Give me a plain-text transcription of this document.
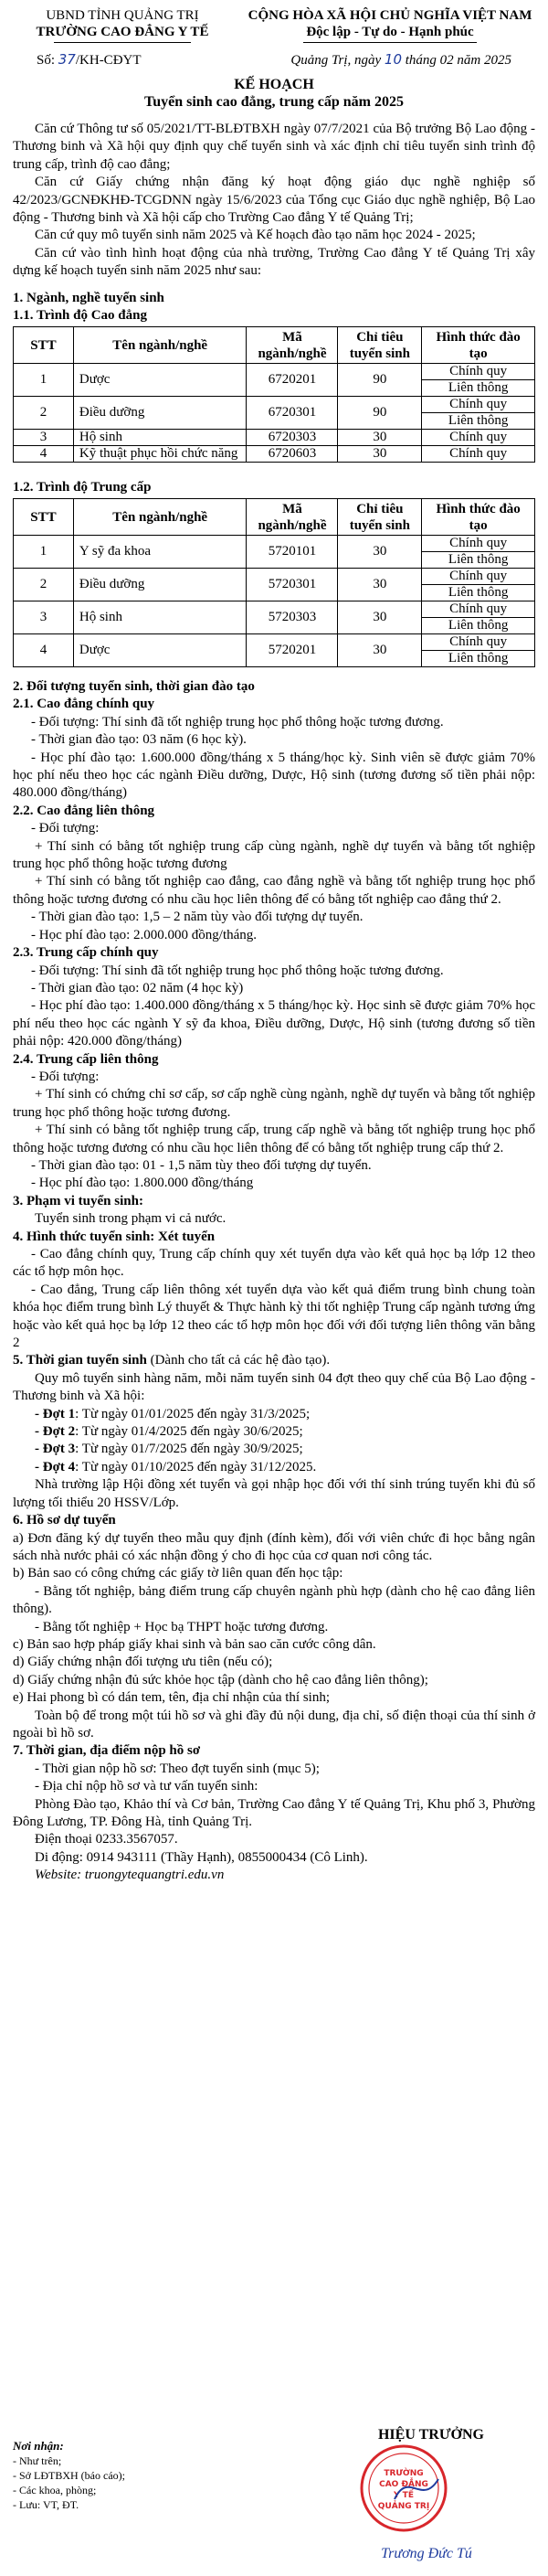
UBND TỈNH QUẢNG TRỊ
TRƯỜNG CAO ĐẲNG Y TẾ
CỘNG HÒA XÃ HỘI CHỦ NGHĨA VIỆT NAM
Độc lập - Tự do - Hạnh phúc
Số: 37/KH-CĐYT	Quảng Trị, ngày 10 tháng 02 năm 2025
KẾ HOẠCH
Tuyển sinh cao đẳng, trung cấp năm 2025

Căn cứ Thông tư số 05/2021/TT-BLĐTBXH ngày 07/7/2021 của Bộ trưởng Bộ Lao động - Thương binh và Xã hội quy định quy chế tuyển sinh và xác định chỉ tiêu tuyển sinh trình độ trung cấp, trình độ cao đẳng;

Căn cứ Giấy chứng nhận đăng ký hoạt động giáo dục nghề nghiệp số 42/2023/GCNĐKHĐ-TCGDNN ngày 15/6/2023 của Tổng cục Giáo dục nghề nghiệp, Bộ Lao động - Thương binh và Xã hội cấp cho Trường Cao đẳng Y tế Quảng Trị;

Căn cứ quy mô tuyển sinh năm 2025 và Kế hoạch đào tạo năm học 2024 - 2025;

Căn cứ vào tình hình hoạt động của nhà trường, Trường Cao đẳng Y tế Quảng Trị xây dựng kế hoạch tuyển sinh năm 2025 như sau:

1. Ngành, nghề tuyển sinh
1.1. Trình độ Cao đẳng
STT	Tên ngành/nghề	Mã ngành/nghề	Chỉ tiêu tuyển sinh	Hình thức đào tạo
1	Dược	6720201	90	Chính quy
				Liên thông
2	Điều dưỡng	6720301	90	Chính quy
				Liên thông
3	Hộ sinh	6720303	30	Chính quy
4	Kỹ thuật phục hồi chức năng	6720603	30	Chính quy
1.2. Trình độ Trung cấp
STT	Tên ngành/nghề	Mã ngành/nghề	Chỉ tiêu tuyển sinh	Hình thức đào tạo
1	Y sỹ đa khoa	5720101	30	Chính quy
				Liên thông
2	Điều dưỡng	5720301	30	Chính quy
				Liên thông
3	Hộ sinh	5720303	30	Chính quy
				Liên thông
4	Dược	5720201	30	Chính quy
				Liên thông

2. Đối tượng tuyển sinh, thời gian đào tạo

2.1. Cao đẳng chính quy

- Đối tượng: Thí sinh đã tốt nghiệp trung học phổ thông hoặc tương đương.

- Thời gian đào tạo: 03 năm (6 học kỳ).

- Học phí đào tạo: 1.600.000 đồng/tháng x 5 tháng/học kỳ. Sinh viên sẽ được giảm 70% học phí nếu theo học các ngành Điều dưỡng, Dược, Hộ sinh (tương đương số tiền phải nộp: 480.000 đồng/tháng)

2.2. Cao đẳng liên thông

- Đối tượng:

+ Thí sinh có bằng tốt nghiệp trung cấp cùng ngành, nghề dự tuyển và bằng tốt nghiệp trung học phổ thông hoặc tương đương

+ Thí sinh có bằng tốt nghiệp cao đẳng, cao đẳng nghề và bằng tốt nghiệp trung học phổ thông hoặc tương đương có nhu cầu học liên thông để có bằng tốt nghiệp cao đẳng thứ 2.

- Thời gian đào tạo: 1,5 – 2 năm tùy vào đối tượng dự tuyển.

- Học phí đào tạo: 2.000.000 đồng/tháng.

2.3. Trung cấp chính quy

- Đối tượng: Thí sinh đã tốt nghiệp trung học phổ thông hoặc tương đương.

- Thời gian đào tạo: 02 năm (4 học kỳ)

- Học phí đào tạo: 1.400.000 đồng/tháng x 5 tháng/học kỳ. Học sinh sẽ được giảm 70% học phí nếu theo học các ngành Y sỹ đa khoa, Điều dưỡng, Dược, Hộ sinh (tương đương số tiền phải nộp: 420.000 đồng/tháng)

2.4. Trung cấp liên thông

- Đối tượng:

+ Thí sinh có chứng chỉ sơ cấp, sơ cấp nghề cùng ngành, nghề dự tuyển và bằng tốt nghiệp trung học phổ thông hoặc tương đương.

+ Thí sinh có bằng tốt nghiệp trung cấp, trung cấp nghề và bằng tốt nghiệp trung học phổ thông hoặc tương đương có nhu cầu học liên thông để có bằng tốt nghiệp trung cấp thứ 2.

- Thời gian đào tạo: 01 - 1,5 năm tùy theo đối tượng dự tuyển.

- Học phí đào tạo: 1.800.000 đồng/tháng

3. Phạm vi tuyển sinh:

Tuyển sinh trong phạm vi cả nước.

4. Hình thức tuyển sinh: Xét tuyển

- Cao đẳng chính quy, Trung cấp chính quy xét tuyển dựa vào kết quả học bạ lớp 12 theo các tổ hợp môn học.

- Cao đẳng, Trung cấp liên thông xét tuyển dựa vào kết quả điểm trung bình chung toàn khóa học điểm trung bình Lý thuyết & Thực hành kỳ thi tốt nghiệp Trung cấp ngành tương ứng hoặc vào kết quả học bạ lớp 12 theo các tổ hợp môn học đối với đối tượng liên thông văn bằng 2

5. Thời gian tuyển sinh (Dành cho tất cả các hệ đào tạo).

Quy mô tuyển sinh hàng năm, mỗi năm tuyển sinh 04 đợt theo quy chế của Bộ Lao động - Thương binh và Xã hội:

- Đợt 1: Từ ngày 01/01/2025 đến ngày 31/3/2025;

- Đợt 2: Từ ngày 01/4/2025 đến ngày 30/6/2025;

- Đợt 3: Từ ngày 01/7/2025 đến ngày 30/9/2025;

- Đợt 4: Từ ngày 01/10/2025 đến ngày 31/12/2025.

Nhà trường lập Hội đồng xét tuyển và gọi nhập học đối với thí sinh trúng tuyển khi đủ số lượng tối thiểu 20 HSSV/Lớp.

6. Hồ sơ dự tuyển

a) Đơn đăng ký dự tuyển theo mẫu quy định (đính kèm), đối với viên chức đi học bằng ngân sách nhà nước phải có xác nhận đồng ý cho đi học của cơ quan nơi công tác.

b) Bản sao có công chứng các giấy tờ liên quan đến học tập:

- Bằng tốt nghiệp, bảng điểm trung cấp chuyên ngành phù hợp (dành cho hệ cao đẳng liên thông).

- Bằng tốt nghiệp + Học bạ THPT hoặc tương đương.

c) Bản sao hợp pháp giấy khai sinh và bản sao căn cước công dân.

d) Giấy chứng nhận đối tượng ưu tiên (nếu có);

d) Giấy chứng nhận đủ sức khỏe học tập (dành cho hệ cao đẳng liên thông);

e) Hai phong bì có dán tem, tên, địa chỉ nhận của thí sinh;

Toàn bộ để trong một túi hồ sơ và ghi đầy đủ nội dung, địa chỉ, số điện thoại của thí sinh ở ngoài bì hồ sơ.

7. Thời gian, địa điểm nộp hồ sơ

- Thời gian nộp hồ sơ: Theo đợt tuyển sinh (mục 5);

- Địa chỉ nộp hồ sơ và tư vấn tuyển sinh:

Phòng Đào tạo, Khảo thí và Cơ bản, Trường Cao đẳng Y tế Quảng Trị, Khu phố 3, Phường Đông Lương, TP. Đông Hà, tỉnh Quảng Trị.

Điện thoại 0233.3567057.

Di động: 0914 943111 (Thầy Hạnh), 0855000434 (Cô Linh).

Website: truongytequangtri.edu.vn

Nơi nhận:
- Như trên;
- Sở LĐTBXH (báo cáo);
- Các khoa, phòng;
- Lưu: VT, ĐT.
HIỆU TRƯỞNG
TRƯỜNG
CAO ĐẲNG
Y TẾ
QUẢNG TRỊ
Trương Đức Tú
